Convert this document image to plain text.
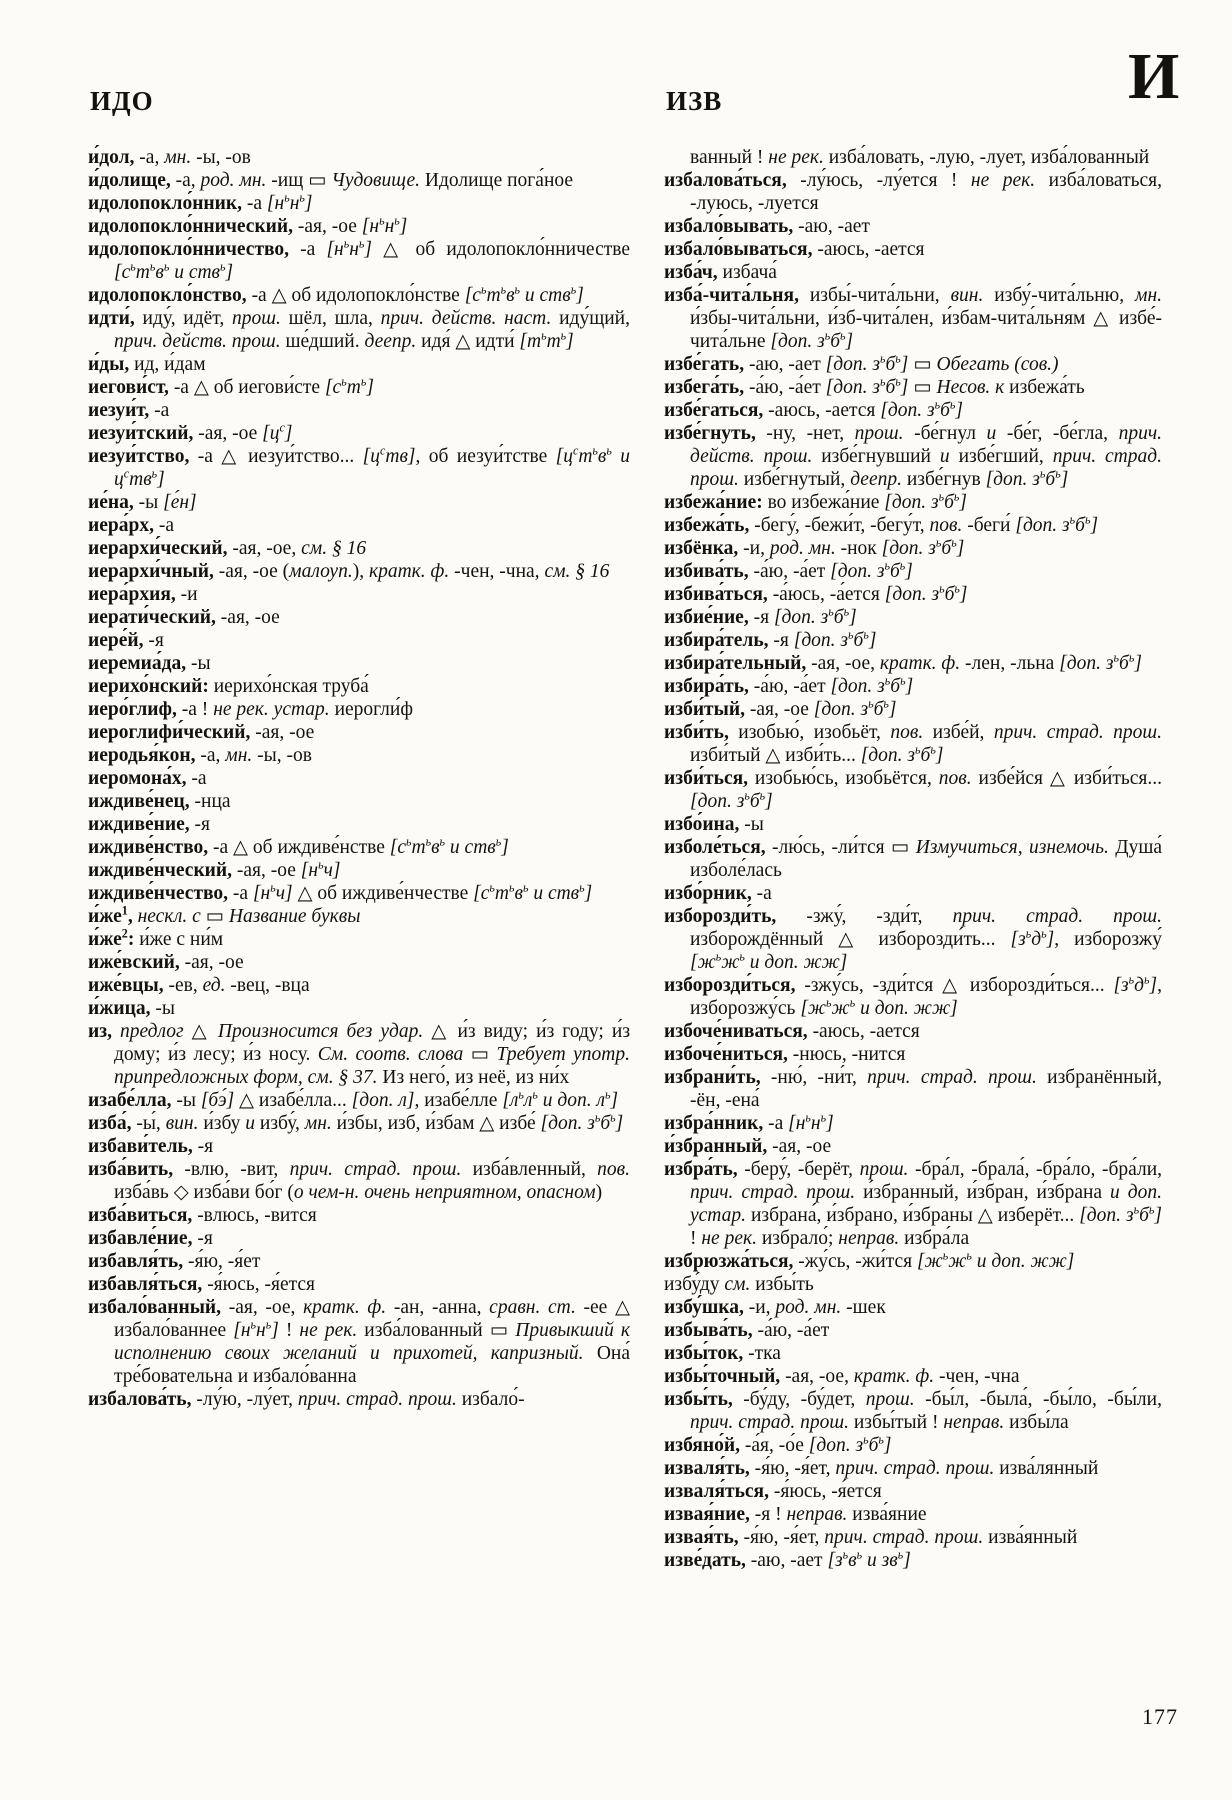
ИДО	ИЗВ	И

и́дол, -а, мн. -ы, -ов

и́долище, -а, род. мн. -ищ ▭ Чудовище. Идолище пога́ное

идолопокло́нник, -а $[н^ьн^ь]$

идолопокло́ннический, -ая, -ое $[н^ьн^ь]$

идолопокло́нничество, -а $[н^ьн^ь]$ △ об идолопокло́нничестве [$с^ьт^ьв^ь$ и ств$^ь$]

идолопокло́нство, -а △ об идолопокло́нстве [$с^ьт^ьв^ь$ и ств$^ь$]

идти́, иду́, идёт, прош. шёл, шла, прич. действ. наст. иду́щий, прич. действ. прош. ше́дший. деепр. идя́ △ идти́ $[т^ьт^ь]$

и́ды, ид, и́дам

иегови́ст, -а △ об иегови́сте $[с^ьт^ь]$

иезуи́т, -а

иезуи́тский, -ая, -ое $[ц^с]$

иезуи́тство, -а △ иезуи́тство... $[ц^ств]$, об иезуи́тстве [$ц^ст^ьв^ь$ и $ц^ств^ь$]

ие́на, -ы [е́н]

иера́рх, -а

иерархи́ческий, -ая, -ое, см. § 16

иерархи́чный, -ая, -ое (малоуп.), кратк. ф. -чен, -чна, см. § 16

иера́рхия, -и

иерати́ческий, -ая, -ое

иере́й, -я

иеремиа́да, -ы

иерихо́нский: иерихо́нская труба́

иеро́глиф, -а ! не рек. устар. иерогли́ф

иероглифи́ческий, -ая, -ое

иеродья́кон, -а, мн. -ы, -ов

иеромона́х, -а

иждиве́нец, -нца

иждиве́ние, -я

иждиве́нство, -а △ об иждиве́нстве [$с^ьт^ьв^ь$ и ств$^ь$]

иждиве́нческий, -ая, -ое $[н^ьч]$

иждиве́нчество, -а $[н^ьч]$ △ об иждиве́нчестве [$с^ьт^ьв^ь$ и ств$^ь$]

$и́же^1$, нескл. с ▭ Название буквы

$и́же^2$: и́же с ни́м

иже́вский, -ая, -ое

иже́вцы, -ев, ед. -вец, -вца

и́жица, -ы

из, предлог △ Произносится без удар. △ и́з виду; и́з году; и́з дому; и́з лесу; и́з носу. См. соотв. слова ▭ Требует употр. припредложных форм, см. § 37. Из него́, из неё, из ни́х

изабе́лла, -ы [бэ́] △ изабе́лла... [доп. л], изабе́лле [$л^ьл^ь$ и доп. $л^ь$]

изба́, -ы́, вин. и́збу и избу́, мн. и́збы, изб, и́збам △ избе́ [доп. $з^ьб^ь$]

избави́тель, -я

изба́вить, -влю, -вит, прич. страд. прош. изба́вленный, пов. изба́вь ◇ изба́ви бо́г (о чем-н. очень неприятном, опасном)

изба́виться, -влюсь, -вится

избавле́ние, -я

избавля́ть, -я́ю, -я́ет

избавля́ться, -я́юсь, -я́ется

избало́ванный, -ая, -ое, кратк. ф. -ан, -анна, сравн. ст. -ее △ избало́ваннее $[н^ьн^ь]$ ! не рек. изба́лованный ▭ Привыкший к исполнению своих желаний и прихотей, капризный. Она́ тре́бовательна и избало́ванна

избалова́ть, -лу́ю, -лу́ет, прич. страд. прош. избало́-

ванный ! не рек. изба́ловать, -лую, -лует, изба́лованный

избалова́ться, -лу́юсь, -лу́ется ! не рек. изба́ловаться, -луюсь, -луется

избало́вывать, -аю, -ает

избало́вываться, -аюсь, -ается

изба́ч, избача́

изба́-чита́льня, избы́-чита́льни, вин. избу́-чита́льню, мн. и́збы-чита́льни, и́зб-чита́лен, и́збам-чита́льням △ избе́-чита́льне [доп. $з^ьб^ь$]

избе́гать, -аю, -ает [доп. $з^ьб^ь$] ▭ Обегать (сов.)

избега́ть, -а́ю, -а́ет [доп. $з^ьб^ь$] ▭ Несов. к избежа́ть

избе́гаться, -аюсь, -ается [доп. $з^ьб^ь$]

избе́гнуть, -ну, -нет, прош. -бе́гнул и -бе́г, -бе́гла, прич. действ. прош. избе́гнувший и избе́гший, прич. страд. прош. избе́гнутый, деепр. избе́гнув [доп. $з^ьб^ь$]

избежа́ние: во избежа́ние [доп. $з^ьб^ь$]

избежа́ть, -бегу́, -бежи́т, -бегу́т, пов. -беги́ [доп. $з^ьб^ь$]

избёнка, -и, род. мн. -нок [доп. $з^ьб^ь$]

избива́ть, -а́ю, -а́ет [доп. $з^ьб^ь$]

избива́ться, -а́юсь, -а́ется [доп. $з^ьб^ь$]

избие́ние, -я [доп. $з^ьб^ь$]

избира́тель, -я [доп. $з^ьб^ь$]

избира́тельный, -ая, -ое, кратк. ф. -лен, -льна [доп. $з^ьб^ь$]

избира́ть, -а́ю, -а́ет [доп. $з^ьб^ь$]

изби́тый, -ая, -ое [доп. $з^ьб^ь$]

изби́ть, изобью́, изобьёт, пов. избе́й, прич. страд. прош. изби́тый △ изби́ть... [доп. $з^ьб^ь$]

изби́ться, изобью́сь, изобьётся, пов. избе́йся △ изби́ться... [доп. $з^ьб^ь$]

избо́ина, -ы

изболе́ться, -лю́сь, -ли́тся ▭ Измучиться, изнемочь. Душа́ изболе́лась

избо́рник, -а

изборозди́ть, -зжу́, -зди́т, прич. страд. прош. изборождённый △ изборозди́ть... $[з^ьд^ь]$, изборозжу́ [$ж^ьж^ь$ и доп. жж]

изборозди́ться, -зжу́сь, -зди́тся △ изборозди́ться... $[з^ьд^ь]$, изборозжу́сь [$ж^ьж^ь$ и доп. жж]

избоче́ниваться, -аюсь, -ается

избоче́ниться, -нюсь, -нится

избрани́ть, -ню́, -ни́т, прич. страд. прош. избранённый, -ён, -ена́

избра́нник, -а $[н^ьн^ь]$

и́збранный, -ая, -ое

избра́ть, -беру́, -берёт, прош. -бра́л, -брала́, -бра́ло, -бра́ли, прич. страд. прош. и́збранный, и́збран, и́збрана и доп. устар. избрана́, и́збрано, и́збраны △ изберёт... [доп. $з^ьб^ь$] ! не рек. избрало́; неправ. избра́ла

избрюзжа́ться, -жу́сь, -жи́тся [$ж^ьж^ь$ и доп. жж]

избу́ду см. избы́ть

избу́шка, -и, род. мн. -шек

избыва́ть, -а́ю, -а́ет

избы́ток, -тка

избы́точный, -ая, -ое, кратк. ф. -чен, -чна

избы́ть, -бу́ду, -бу́дет, прош. -бы́л, -была́, -бы́ло, -бы́ли, прич. страд. прош. избы́тый ! неправ. избы́ла

избяно́й, -а́я, -о́е [доп. $з^ьб^ь$]

изваля́ть, -я́ю, -я́ет, прич. страд. прош. изва́лянный

изваля́ться, -я́юсь, -я́ется

извая́ние, -я ! неправ. изва́яние

извая́ть, -я́ю, -я́ет, прич. страд. прош. изва́янный

изве́дать, -аю, -ает [$з^ьв^ь$ и $зв^ь$]

177
